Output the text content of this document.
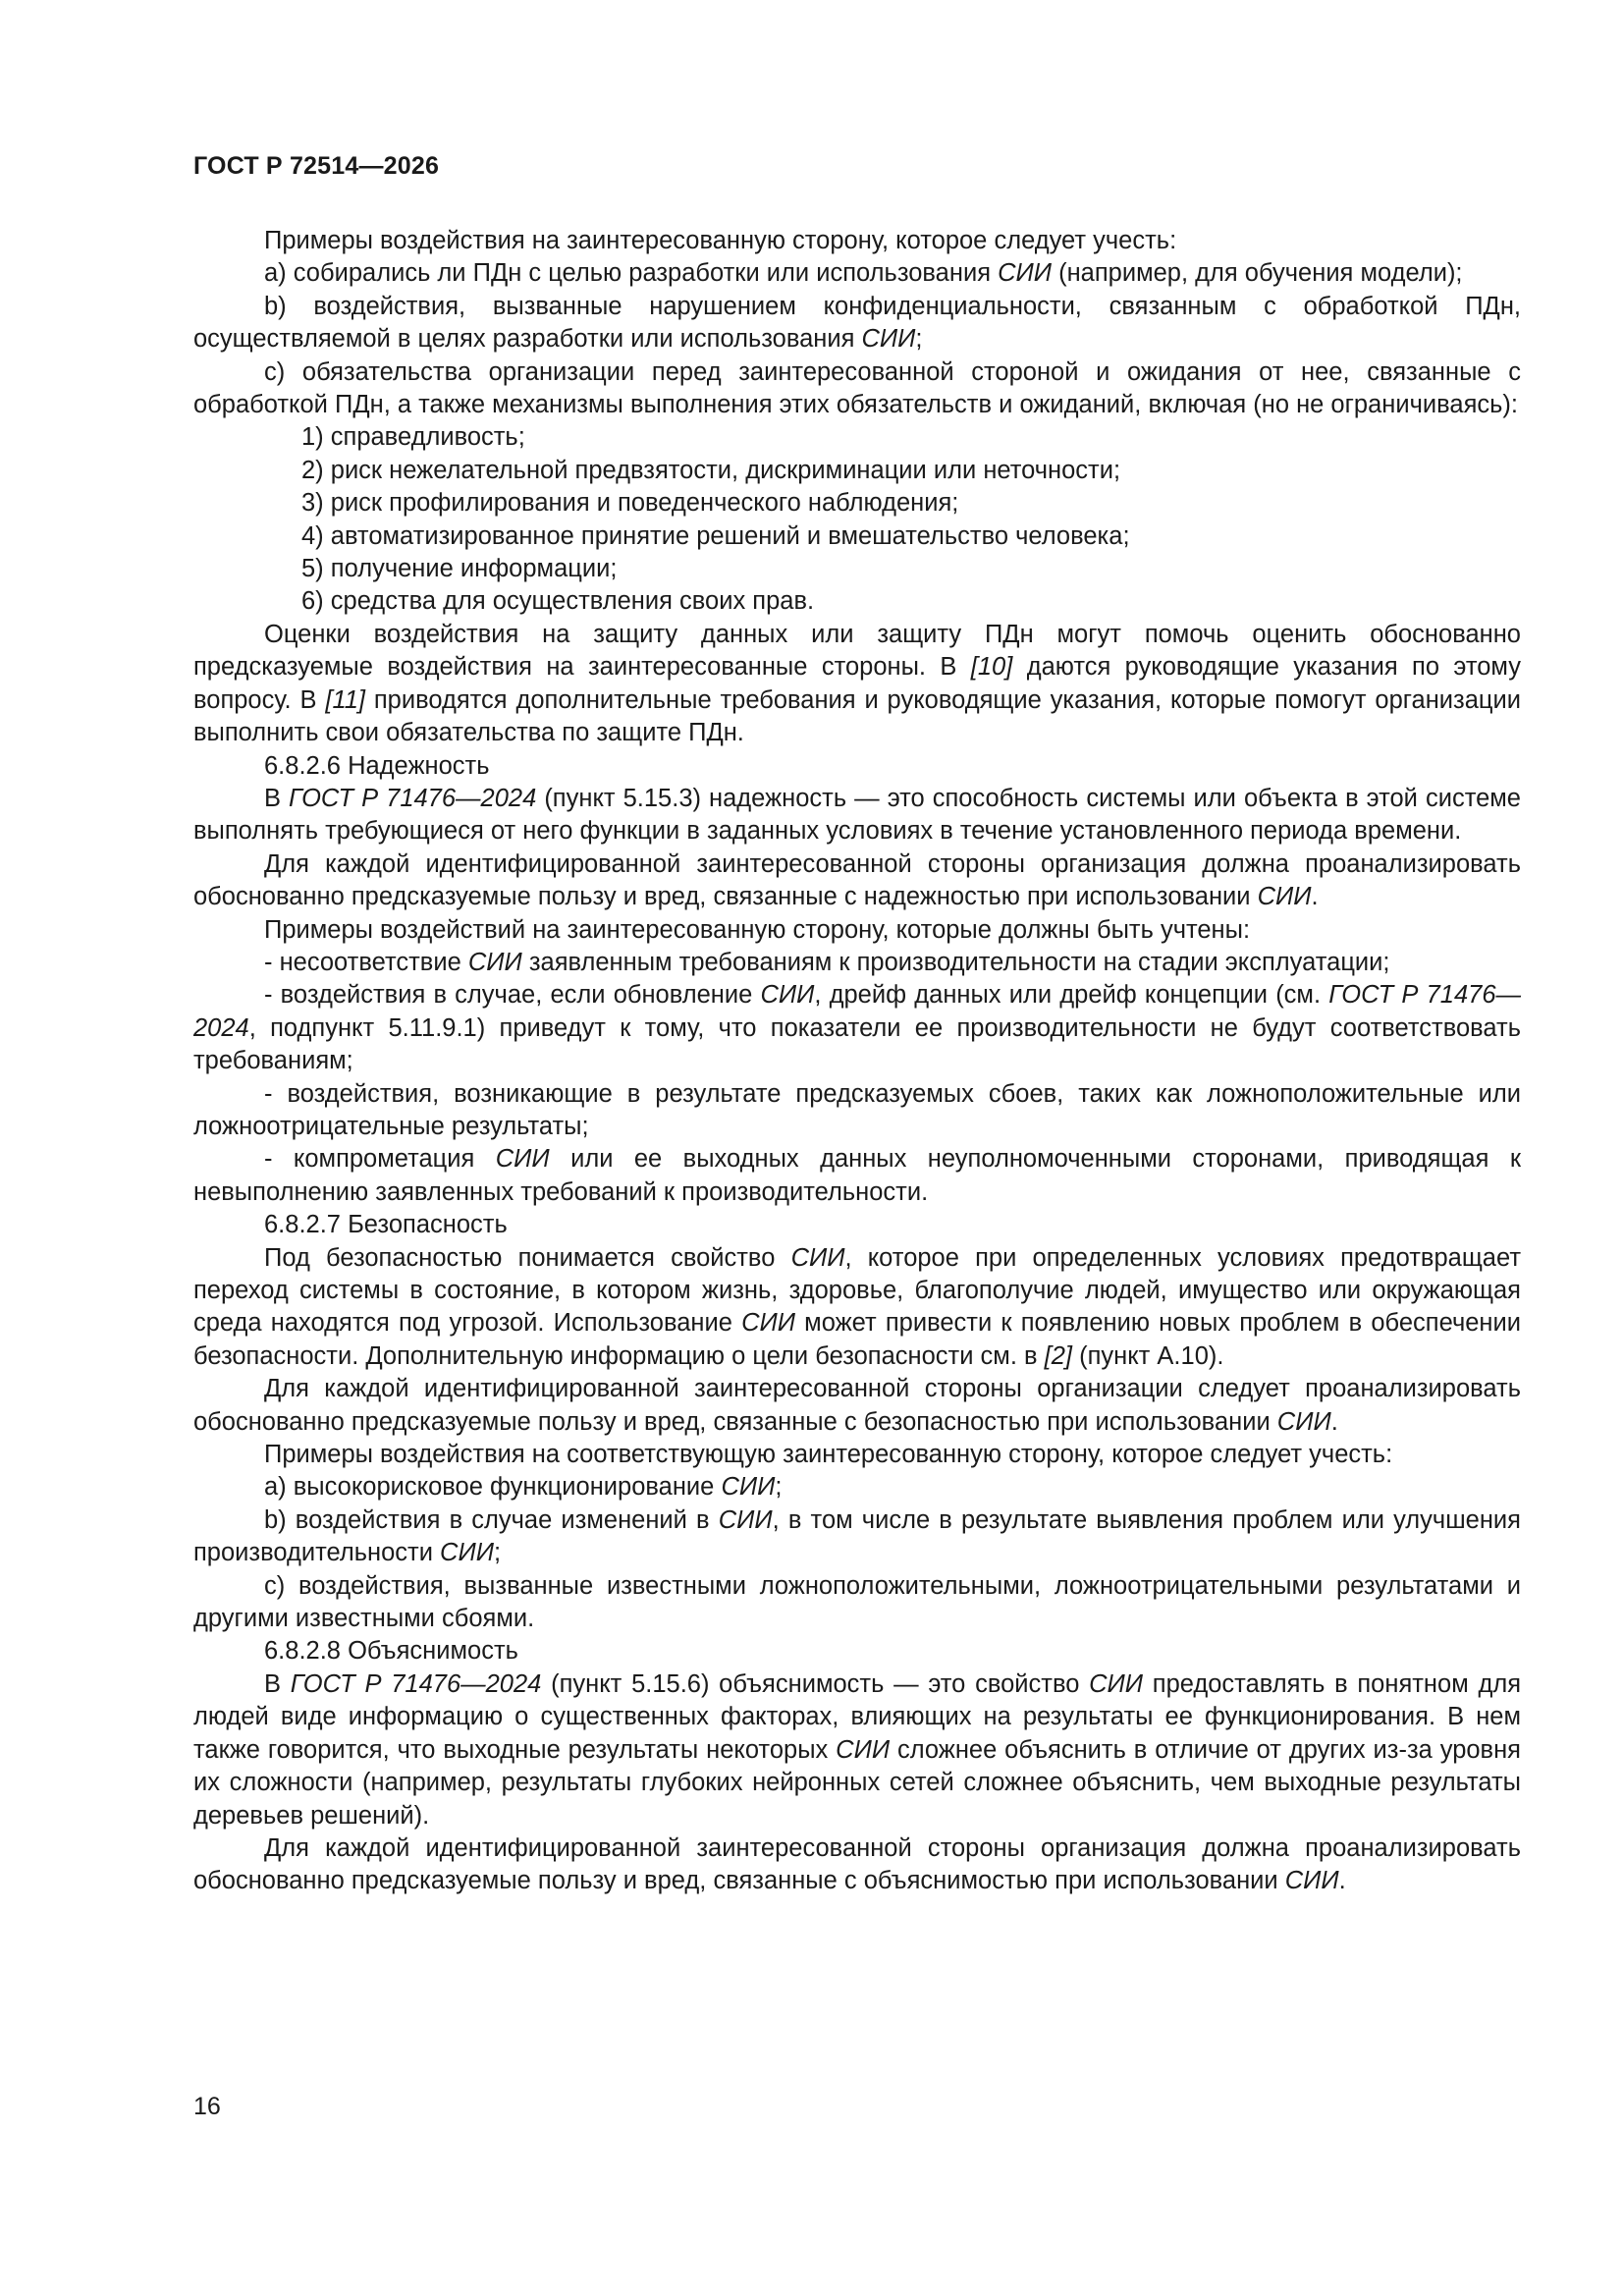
ГОСТ Р 72514—2026

Примеры воздействия на заинтересованную сторону, которое следует учесть:

a) собирались ли ПДн с целью разработки или использования СИИ (например, для обучения модели);

b) воздействия, вызванные нарушением конфиденциальности, связанным с обработкой ПДн, осуществляемой в целях разработки или использования СИИ;

c) обязательства организации перед заинтересованной стороной и ожидания от нее, связанные с обработкой ПДн, а также механизмы выполнения этих обязательств и ожиданий, включая (но не ограничиваясь):

1) справедливость;

2) риск нежелательной предвзятости, дискриминации или неточности;

3) риск профилирования и поведенческого наблюдения;

4) автоматизированное принятие решений и вмешательство человека;

5) получение информации;

6) средства для осуществления своих прав.

Оценки воздействия на защиту данных или защиту ПДн могут помочь оценить обоснованно предсказуемые воздействия на заинтересованные стороны. В [10] даются руководящие указания по этому вопросу. В [11] приводятся дополнительные требования и руководящие указания, которые помогут организации выполнить свои обязательства по защите ПДн.

6.8.2.6 Надежность

В ГОСТ Р 71476—2024 (пункт 5.15.3) надежность — это способность системы или объекта в этой системе выполнять требующиеся от него функции в заданных условиях в течение установленного периода времени.

Для каждой идентифицированной заинтересованной стороны организация должна проанализировать обоснованно предсказуемые пользу и вред, связанные с надежностью при использовании СИИ.

Примеры воздействий на заинтересованную сторону, которые должны быть учтены:

- несоответствие СИИ заявленным требованиям к производительности на стадии эксплуатации;

- воздействия в случае, если обновление СИИ, дрейф данных или дрейф концепции (см. ГОСТ Р 71476—2024, подпункт 5.11.9.1) приведут к тому, что показатели ее производительности не будут соответствовать требованиям;

- воздействия, возникающие в результате предсказуемых сбоев, таких как ложноположительные или ложноотрицательные результаты;

- компрометация СИИ или ее выходных данных неуполномоченными сторонами, приводящая к невыполнению заявленных требований к производительности.

6.8.2.7 Безопасность

Под безопасностью понимается свойство СИИ, которое при определенных условиях предотвращает переход системы в состояние, в котором жизнь, здоровье, благополучие людей, имущество или окружающая среда находятся под угрозой. Использование СИИ может привести к появлению новых проблем в обеспечении безопасности. Дополнительную информацию о цели безопасности см. в [2] (пункт А.10).

Для каждой идентифицированной заинтересованной стороны организации следует проанализировать обоснованно предсказуемые пользу и вред, связанные с безопасностью при использовании СИИ.

Примеры воздействия на соответствующую заинтересованную сторону, которое следует учесть:

a) высокорисковое функционирование СИИ;

b) воздействия в случае изменений в СИИ, в том числе в результате выявления проблем или улучшения производительности СИИ;

c) воздействия, вызванные известными ложноположительными, ложноотрицательными результатами и другими известными сбоями.

6.8.2.8 Объяснимость

В ГОСТ Р 71476—2024 (пункт 5.15.6) объяснимость — это свойство СИИ предоставлять в понятном для людей виде информацию о существенных факторах, влияющих на результаты ее функционирования. В нем также говорится, что выходные результаты некоторых СИИ сложнее объяснить в отличие от других из-за уровня их сложности (например, результаты глубоких нейронных сетей сложнее объяснить, чем выходные результаты деревьев решений).

Для каждой идентифицированной заинтересованной стороны организация должна проанализировать обоснованно предсказуемые пользу и вред, связанные с объяснимостью при использовании СИИ.

16
